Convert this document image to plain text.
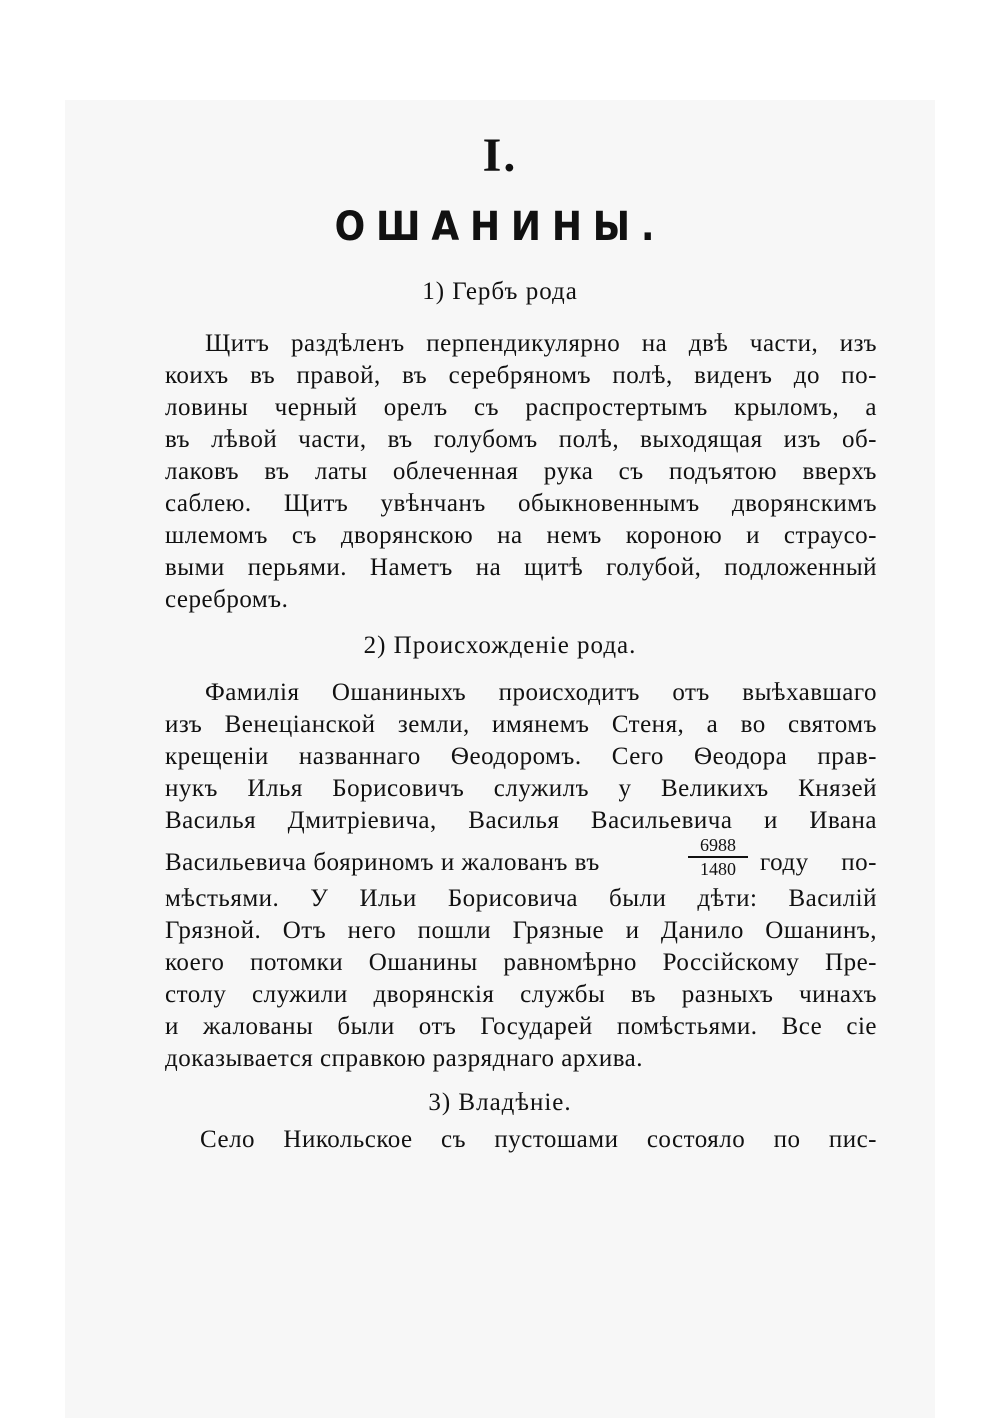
I.
ОШАНИНЫ.
1) Гербъ рода
Щитъ раздѣленъ перпендикулярно на двѣ части, изъ
коихъ въ правой, въ серебряномъ полѣ, виденъ до по-
ловины черный орелъ съ распростертымъ крыломъ, а
въ лѣвой части, въ голубомъ полѣ, выходящая изъ об-
лаковъ въ латы облеченная рука съ подъятою вверхъ
саблею. Щитъ увѣнчанъ обыкновеннымъ дворянскимъ
шлемомъ съ дворянскою на немъ короною и страусо-
выми перьями. Наметъ на щитѣ голубой, подложенный
серебромъ.
2) Происхожденіе рода.
Фамилія Ошаниныхъ происходитъ отъ выѣхавшаго
изъ Венеціанской земли, имянемъ Стеня, а во святомъ
крещеніи названнаго Ѳеодоромъ. Сего Ѳеодора прав-
нукъ Илья Борисовичъ служилъ у Великихъ Князей
Василья Дмитріевича, Василья Васильевича и Ивана
Васильевича бояриномъ и жалованъ въ	$\frac{6988}{1480}$ году по-
мѣстьями. У Ильи Борисовича были дѣти: Василій
Грязной. Отъ него пошли Грязные и Данило Ошанинъ,
коего потомки Ошанины равномѣрно Россійскому Пре-
столу служили дворянскія службы въ разныхъ чинахъ
и жалованы были отъ Государей помѣстьями. Все сіе
доказывается справкою разряднаго архива.
3) Владѣніе.
Село Никольское съ пустошами состояло по пис-
